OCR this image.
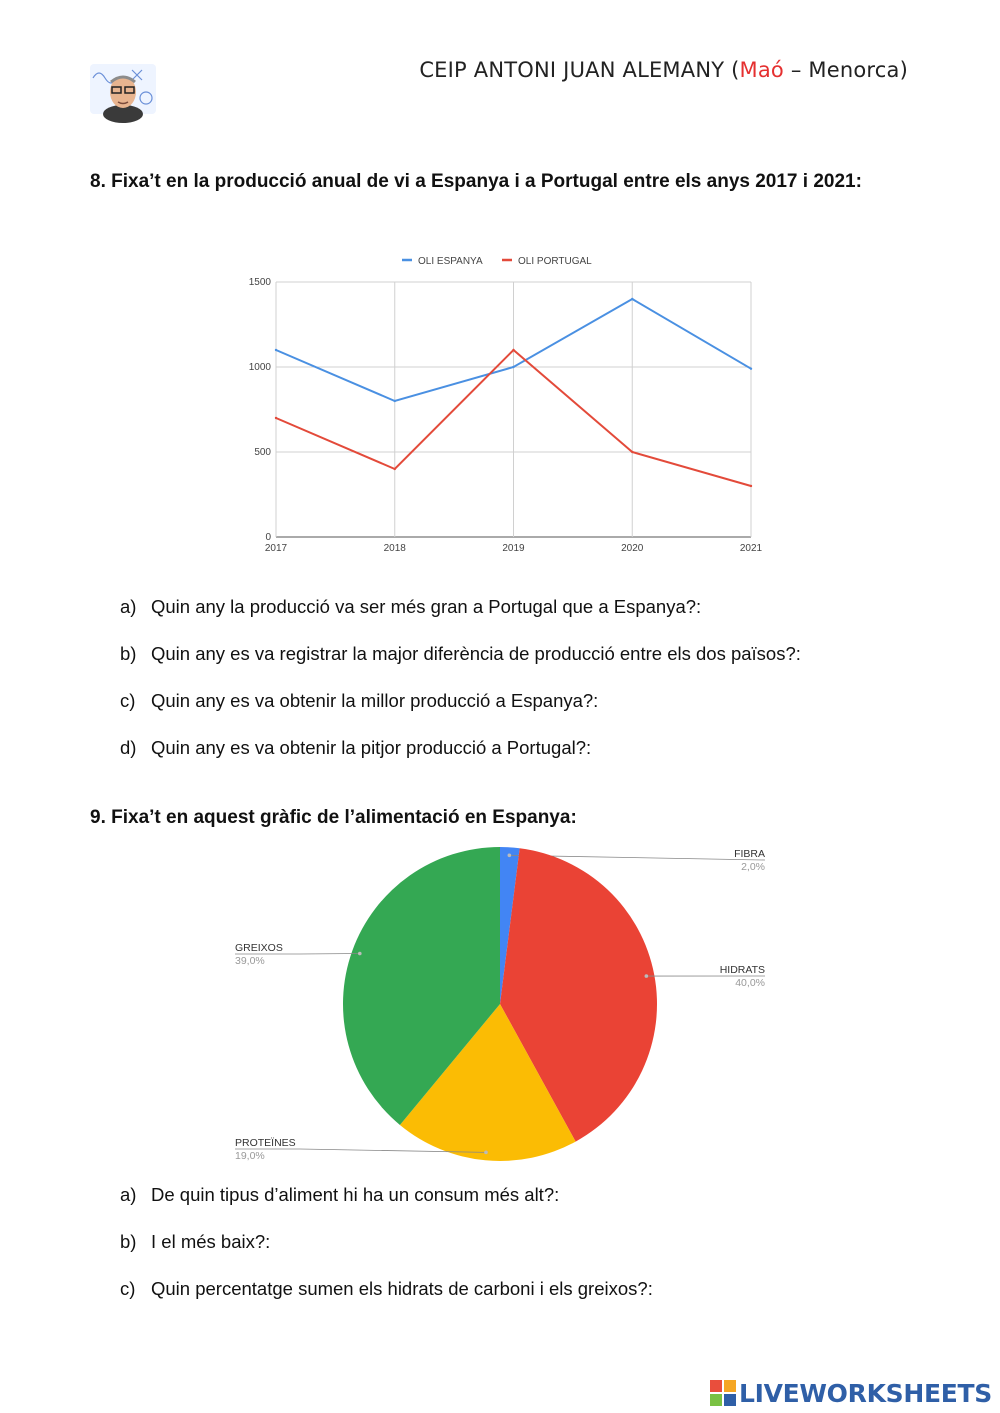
CEIP ANTONI JUAN ALEMANY (Maó – Menorca)
8. Fixa’t en la producció anual de vi a Espanya i a Portugal entre els anys 2017 i 2021:
0
500
1000
1500
2017	2018	2019	2020	2021
OLI ESPANYA	OLI PORTUGAL
a) Quin any la producció va ser més gran a Portugal que a Espanya?:
b) Quin any es va registrar la major diferència de producció entre els dos països?:
c) Quin any es va obtenir la millor producció a Espanya?:
d) Quin any es va obtenir la pitjor producció a Portugal?:
9. Fixa’t en aquest gràfic de l’alimentació en Espanya:
FIBRA
2,0%
HIDRATS
40,0%
PROTEÏNES
19,0%
GREIXOS
39,0%
a) De quin tipus d’aliment hi ha un consum més alt?:
b) I el més baix?:
c) Quin percentatge sumen els hidrats de carboni i els greixos?:
LIVEWORKSHEETS
